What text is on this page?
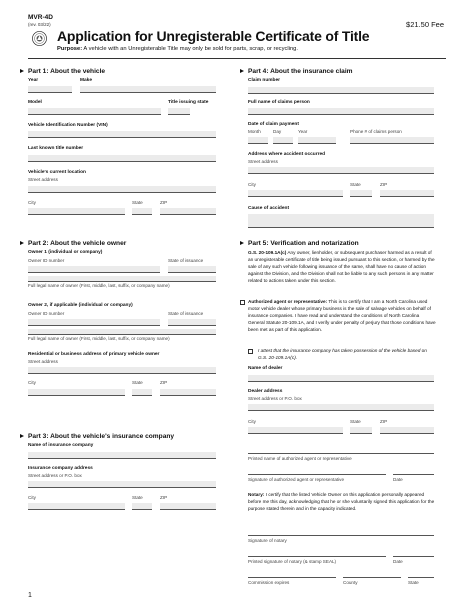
MVR-4D
(rev. 03/22)	$21.50 Fee
Application for Unregisterable Certificate of Title
Purpose: A vehicle with an Unregisterable Title may only be sold for parts, scrap, or recycling.
Part 1: About the vehicle
Year	Make
Model	Title issuing state
Vehicle Identification Number (VIN)
Last known title number
Vehicle's current location
Street address
City	State	ZIP
Part 2: About the vehicle owner
Owner 1 (individual or company)
Owner ID number	State of issuance
Full legal name of owner (First, middle, last, suffix, or company name)
Owner 2, if applicable (individual or company)
Owner ID number	State of issuance
Full legal name of owner (First, middle, last, suffix, or company name)
Residential or business address of primary vehicle owner
Street address
City	State	ZIP
Part 3: About the vehicle's insurance company
Name of insurance company
Insurance company address
Street address or P.O. box
City	State	ZIP
Part 4: About the insurance claim
Claim number
Full name of claims person
Date of claim payment
Month	Day	Year	Phone # of claims person
Address where accident occurred
Street address
City	State	ZIP
Cause of accident
Part 5: Verification and notarization
G.S. 20-109.1A(c) Any owner, lienholder, or subsequent purchaser harmed as a result of an unregisterable certificate of title being issued pursuant to this section, or harmed by the sale of any such vehicle following issuance of the same, shall have no cause of action against the Division, and the Division shall not be liable to any such persons in any matter related to actions taken under this section.
Authorized agent or representative: This is to certify that I am a North Carolina used motor vehicle dealer whose primary business is the sale of salvage vehicles on behalf of insurance companies. I have read and understand the conditions of North Carolina General Statute 20-109.1A, and I verify under penalty of perjury that those conditions have been met as part of this application.
I attest that the insurance company has taken possession of the vehicle based on G.S. 20-109.1A(c).
Name of dealer
Dealer address
Street address or P.O. box
City	State	ZIP
Printed name of authorized agent or representative
Signature of authorized agent or representative	Date
Notary: I certify that the listed Vehicle Owner on this application personally appeared before me this day, acknowledging that he or she voluntarily signed this application for the purpose stated therein and in the capacity indicated.
Signature of notary
Printed signature of notary (& stamp SEAL)	Date
Commission expires	County	State
1
